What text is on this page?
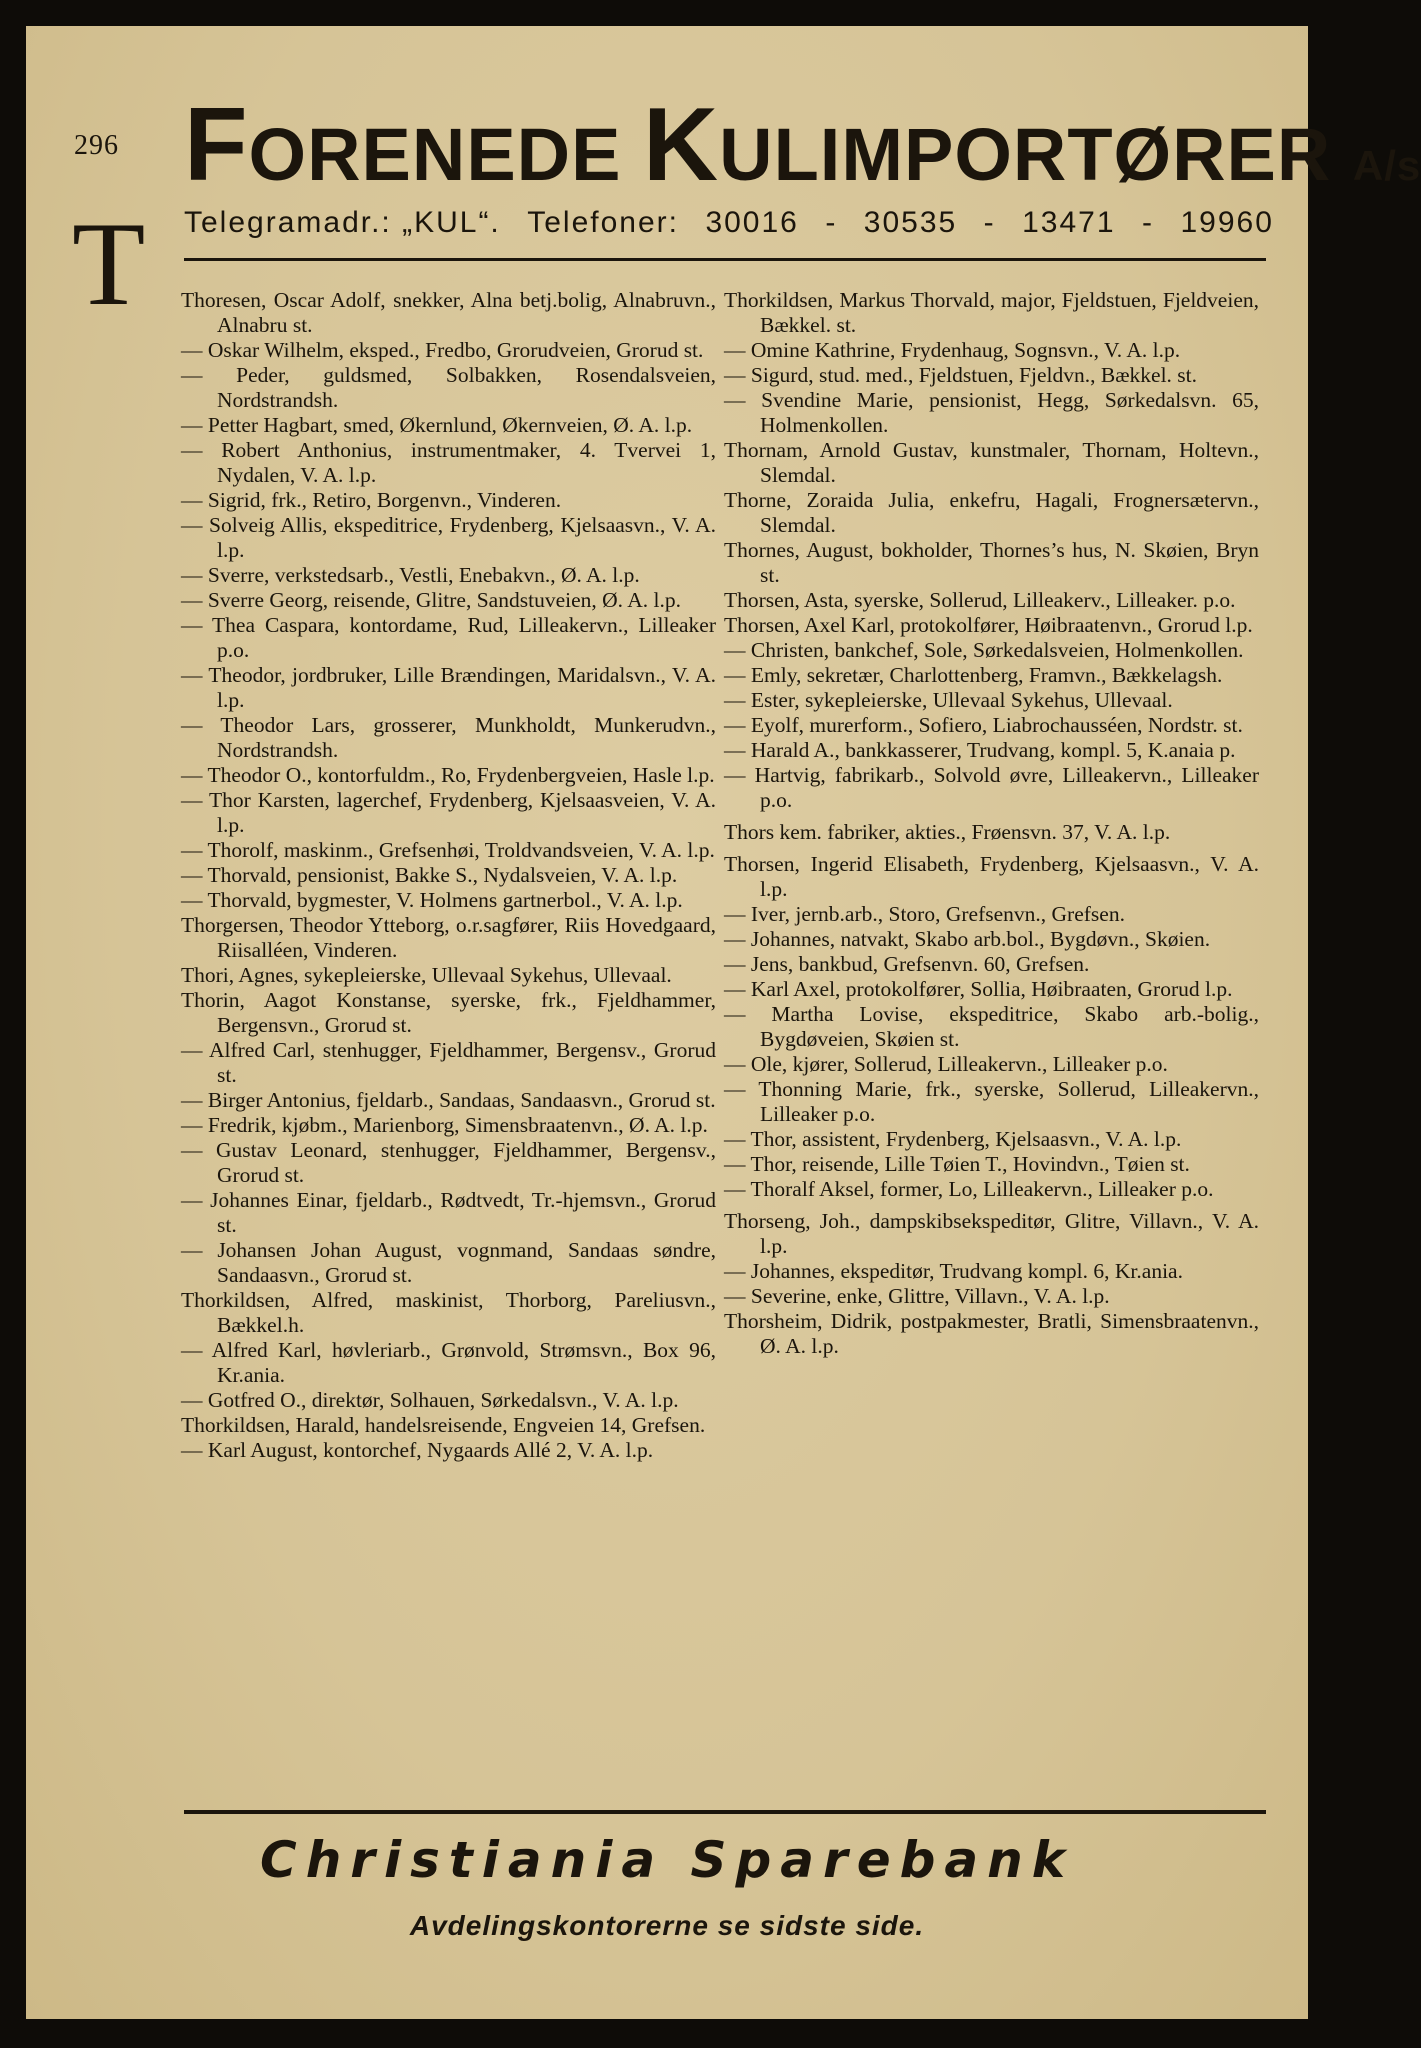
296
T
FORENEDE KULIMPORTØRER A/s
Telegramadr.: „KUL“. Telefoner: 30016 - 30535 - 13471 - 19960

Thoresen, Oscar Adolf, snekker, Alna betj.bolig, Alnabruvn., Alnabru st.

— Oskar Wilhelm, eksped., Fredbo, Grorudveien, Grorud st.

— Peder, guldsmed, Solbakken, Rosendalsveien, Nordstrandsh.

— Petter Hagbart, smed, Økernlund, Økernveien, Ø. A. l.p.

— Robert Anthonius, instrumentmaker, 4. Tvervei 1, Nydalen, V. A. l.p.

— Sigrid, frk., Retiro, Borgenvn., Vinderen.

— Solveig Allis, ekspeditrice, Frydenberg, Kjelsaasvn., V. A. l.p.

— Sverre, verkstedsarb., Vestli, Enebakvn., Ø. A. l.p.

— Sverre Georg, reisende, Glitre, Sandstuveien, Ø. A. l.p.

— Thea Caspara, kontordame, Rud, Lilleakervn., Lilleaker p.o.

— Theodor, jordbruker, Lille Brændingen, Maridalsvn., V. A. l.p.

— Theodor Lars, grosserer, Munkholdt, Munkerudvn., Nordstrandsh.

— Theodor O., kontorfuldm., Ro, Frydenbergveien, Hasle l.p.

— Thor Karsten, lagerchef, Frydenberg, Kjelsaasveien, V. A. l.p.

— Thorolf, maskinm., Grefsenhøi, Troldvandsveien, V. A. l.p.

— Thorvald, pensionist, Bakke S., Nydalsveien, V. A. l.p.

— Thorvald, bygmester, V. Holmens gartnerbol., V. A. l.p.

Thorgersen, Theodor Ytteborg, o.r.sagfører, Riis Hovedgaard, Riisalléen, Vinderen.

Thori, Agnes, sykepleierske, Ullevaal Sykehus, Ullevaal.

Thorin, Aagot Konstanse, syerske, frk., Fjeldhammer, Bergensvn., Grorud st.

— Alfred Carl, stenhugger, Fjeldhammer, Bergensv., Grorud st.

— Birger Antonius, fjeldarb., Sandaas, Sandaasvn., Grorud st.

— Fredrik, kjøbm., Marienborg, Simensbraatenvn., Ø. A. l.p.

— Gustav Leonard, stenhugger, Fjeldhammer, Bergensv., Grorud st.

— Johannes Einar, fjeldarb., Rødtvedt, Tr.-hjemsvn., Grorud st.

— Johansen Johan August, vognmand, Sandaas søndre, Sandaasvn., Grorud st.

Thorkildsen, Alfred, maskinist, Thorborg, Pareliusvn., Bækkel.h.

— Alfred Karl, høvleriarb., Grønvold, Strømsvn., Box 96, Kr.ania.

— Gotfred O., direktør, Solhauen, Sørkedalsvn., V. A. l.p.

Thorkildsen, Harald, handelsreisende, Engveien 14, Grefsen.

— Karl August, kontorchef, Nygaards Allé 2, V. A. l.p.

Thorkildsen, Markus Thorvald, major, Fjeldstuen, Fjeldveien, Bækkel. st.

— Omine Kathrine, Frydenhaug, Sognsvn., V. A. l.p.

— Sigurd, stud. med., Fjeldstuen, Fjeldvn., Bækkel. st.

— Svendine Marie, pensionist, Hegg, Sørkedalsvn. 65, Holmenkollen.

Thornam, Arnold Gustav, kunstmaler, Thornam, Holtevn., Slemdal.

Thorne, Zoraida Julia, enkefru, Hagali, Frognersætervn., Slemdal.

Thornes, August, bokholder, Thornes’s hus, N. Skøien, Bryn st.

Thorsen, Asta, syerske, Sollerud, Lilleakerv., Lilleaker. p.o.

Thorsen, Axel Karl, protokolfører, Høibraatenvn., Grorud l.p.

— Christen, bankchef, Sole, Sørkedalsveien, Holmenkollen.

— Emly, sekretær, Charlottenberg, Framvn., Bækkelagsh.

— Ester, sykepleierske, Ullevaal Sykehus, Ullevaal.

— Eyolf, murerform., Sofiero, Liabrochausséen, Nordstr. st.

— Harald A., bankkasserer, Trudvang, kompl. 5, K.anaia p.

— Hartvig, fabrikarb., Solvold øvre, Lilleakervn., Lilleaker p.o.

Thors kem. fabriker, akties., Frøensvn. 37, V. A. l.p.

Thorsen, Ingerid Elisabeth, Frydenberg, Kjelsaasvn., V. A. l.p.

— Iver, jernb.arb., Storo, Grefsenvn., Grefsen.

— Johannes, natvakt, Skabo arb.bol., Bygdøvn., Skøien.

— Jens, bankbud, Grefsenvn. 60, Grefsen.

— Karl Axel, protokolfører, Sollia, Høibraaten, Grorud l.p.

— Martha Lovise, ekspeditrice, Skabo arb.-bolig., Bygdøveien, Skøien st.

— Ole, kjører, Sollerud, Lilleakervn., Lilleaker p.o.

— Thonning Marie, frk., syerske, Sollerud, Lilleakervn., Lilleaker p.o.

— Thor, assistent, Frydenberg, Kjelsaasvn., V. A. l.p.

— Thor, reisende, Lille Tøien T., Hovindvn., Tøien st.

— Thoralf Aksel, former, Lo, Lilleakervn., Lilleaker p.o.

Thorseng, Joh., dampskibsekspeditør, Glitre, Villavn., V. A. l.p.

— Johannes, ekspeditør, Trudvang kompl. 6, Kr.ania.

— Severine, enke, Glittre, Villavn., V. A. l.p.

Thorsheim, Didrik, postpakmester, Bratli, Simensbraatenvn., Ø. A. l.p.

Christiania Sparebank
Avdelingskontorerne se sidste side.
